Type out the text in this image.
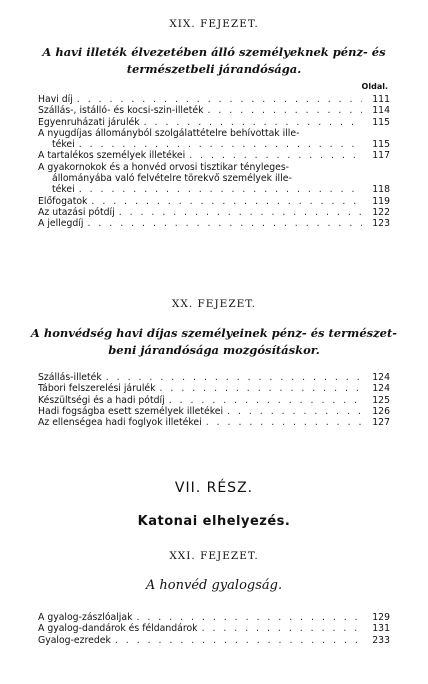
XIX. FEJEZET.
A havi illeték élvezetében álló személyeknek pénz- és
természetbeli járandósága.
Oldal.
Havi díj . . .	111
Szállás-, istálló- és kocsi-szin-illeték . . .	114
Egyenruházati járulék . . .	115
A nyugdíjas állományból szolgálattételre behívottak ille-
tékei . . .	115
A tartalékos személyek illetékei . . .	117
A gyakornokok és a honvéd orvosi tisztikar tényleges-
állományába való felvételre törekvő személyek ille-
tékei . . .	118
Előfogatok . . .	119
Az utazási pótdíj . . .	122
A jellegdíj . . .	123
XX. FEJEZET.
A honvédség havi díjas személyeinek pénz- és természet-
beni járandósága mozgósításkor.
Szállás-illeték . . .	124
Tábori felszerelési járulék . . .	124
Készültségi és a hadi pótdíj . . .	125
Hadi fogságba esett személyek illetékei . . .	126
Az ellenségea hadi foglyok illetékei . . .	127
VII. RÉSZ.
Katonai elhelyezés.
XXI. FEJEZET.
A honvéd gyalogság.
A gyalog-zászlóaljak . . .	129
A gyalog-dandárok és féldandárok . . .	131
Gyalog-ezredek . . .	233
